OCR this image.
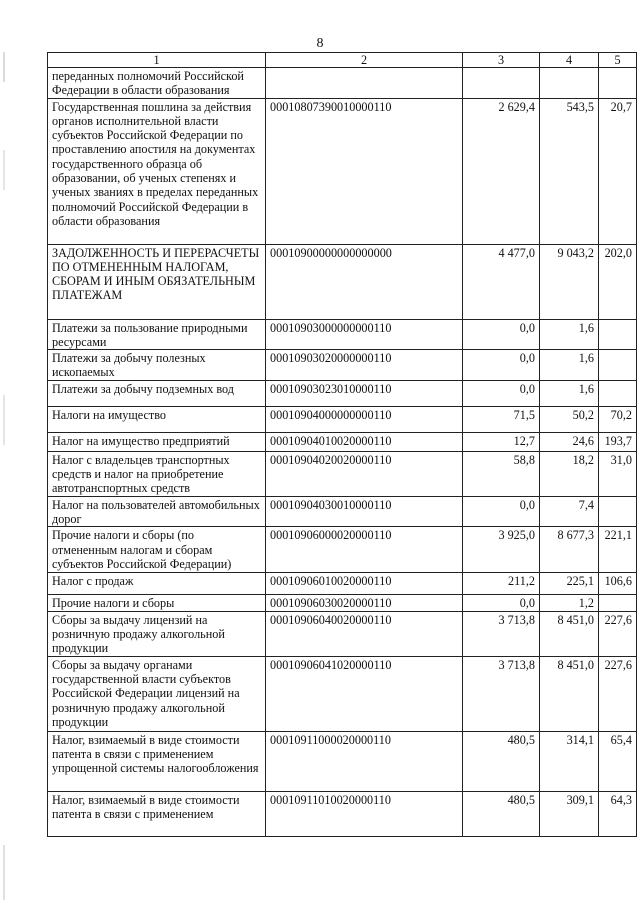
8
1	2	3	4	5
переданных полномочий Российской Федерации в области образования				
Государственная пошлина за действия органов исполнительной власти субъектов Российской Федерации по проставлению апостиля на документах государственного образца об образовании, об ученых степенях и ученых званиях в пределах переданных полномочий Российской Федерации в области образования	00010807390010000110	2 629,4	543,5	20,7
ЗАДОЛЖЕННОСТЬ И ПЕРЕРАСЧЕТЫ ПО ОТМЕНЕННЫМ НАЛОГАМ, СБОРАМ И ИНЫМ ОБЯЗАТЕЛЬНЫМ ПЛАТЕЖАМ	00010900000000000000	4 477,0	9 043,2	202,0
Платежи за пользование природными ресурсами	00010903000000000110	0,0	1,6	
Платежи за добычу полезных ископаемых	00010903020000000110	0,0	1,6	
Платежи за добычу подземных вод	00010903023010000110	0,0	1,6	
Налоги на имущество	00010904000000000110	71,5	50,2	70,2
Налог на имущество предприятий	00010904010020000110	12,7	24,6	193,7
Налог с владельцев транспортных средств и налог на приобретение автотранспортных средств	00010904020020000110	58,8	18,2	31,0
Налог на пользователей автомобильных дорог	00010904030010000110	0,0	7,4	
Прочие налоги и сборы (по отмененным налогам и сборам субъектов Российской Федерации)	00010906000020000110	3 925,0	8 677,3	221,1
Налог с продаж	00010906010020000110	211,2	225,1	106,6
Прочие налоги и сборы	00010906030020000110	0,0	1,2	
Сборы за выдачу лицензий на розничную продажу алкогольной продукции	00010906040020000110	3 713,8	8 451,0	227,6
Сборы за выдачу органами государственной власти субъектов Российской Федерации лицензий на розничную продажу алкогольной продукции	00010906041020000110	3 713,8	8 451,0	227,6
Налог, взимаемый в виде стоимости патента в связи с применением упрощенной системы налогообложения	00010911000020000110	480,5	314,1	65,4
Налог, взимаемый в виде стоимости патента в связи с применением	00010911010020000110	480,5	309,1	64,3
